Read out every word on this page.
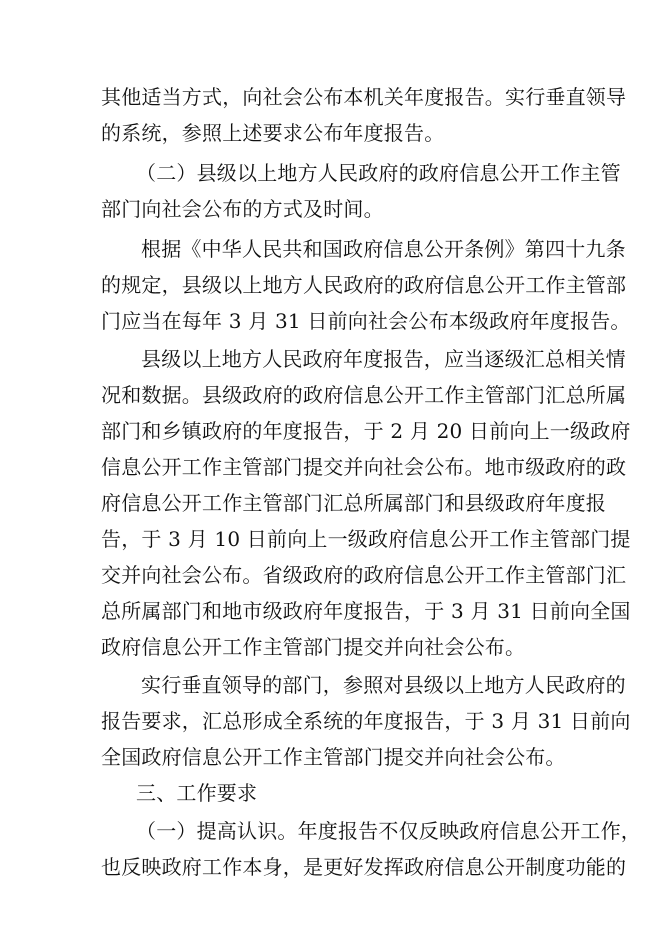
其他适当方式，向社会公布本机关年度报告。实行垂直领导
的系统，参照上述要求公布年度报告。
（二）县级以上地方人民政府的政府信息公开工作主管
部门向社会公布的方式及时间。
根据《中华人民共和国政府信息公开条例》第四十九条
的规定，县级以上地方人民政府的政府信息公开工作主管部
门应当在每年 3 月 31 日前向社会公布本级政府年度报告。
县级以上地方人民政府年度报告，应当逐级汇总相关情
况和数据。县级政府的政府信息公开工作主管部门汇总所属
部门和乡镇政府的年度报告，于 2 月 20 日前向上一级政府
信息公开工作主管部门提交并向社会公布。地市级政府的政
府信息公开工作主管部门汇总所属部门和县级政府年度报
告，于 3 月 10 日前向上一级政府信息公开工作主管部门提
交并向社会公布。省级政府的政府信息公开工作主管部门汇
总所属部门和地市级政府年度报告，于 3 月 31 日前向全国
政府信息公开工作主管部门提交并向社会公布。
实行垂直领导的部门，参照对县级以上地方人民政府的
报告要求，汇总形成全系统的年度报告，于 3 月 31 日前向
全国政府信息公开工作主管部门提交并向社会公布。
三、工作要求
（一）提高认识。年度报告不仅反映政府信息公开工作，
也反映政府工作本身，是更好发挥政府信息公开制度功能的
